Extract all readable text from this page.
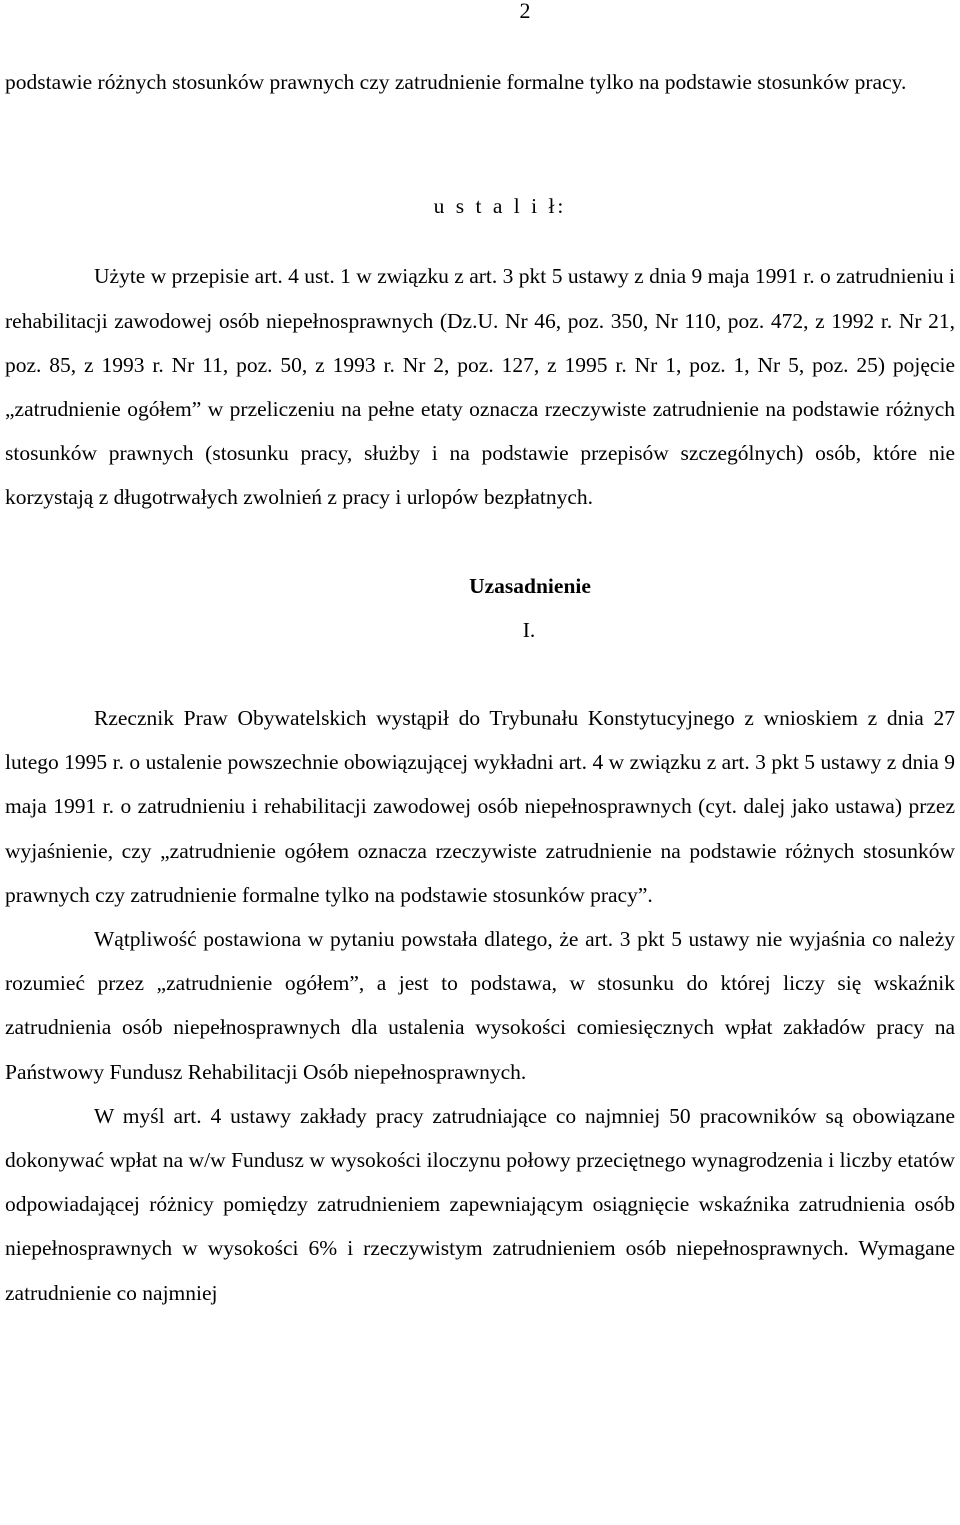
2

podstawie różnych stosunków prawnych czy zatrudnienie formalne tylko na podstawie stosunków pracy.

u s t a l i ł:

Użyte w przepisie art. 4 ust. 1 w związku z art. 3 pkt 5 ustawy z dnia 9 maja 1991 r. o zatrudnieniu i rehabilitacji zawodowej osób niepełnosprawnych (Dz.U. Nr 46, poz. 350, Nr 110, poz. 472, z 1992 r. Nr 21, poz. 85, z 1993 r. Nr 11, poz. 50, z 1993 r. Nr 2, poz. 127, z 1995 r. Nr 1, poz. 1, Nr 5, poz. 25) pojęcie „zatrudnienie ogółem” w przeliczeniu na pełne etaty oznacza rzeczywiste zatrudnienie na podstawie różnych stosunków prawnych (stosunku pracy, służby i na podstawie przepisów szczególnych) osób, które nie korzystają z długotrwałych zwolnień z pracy i urlopów bezpłatnych.

Uzasadnienie

I.

Rzecznik Praw Obywatelskich wystąpił do Trybunału Konstytucyjnego z wnioskiem z dnia 27 lutego 1995 r. o ustalenie powszechnie obowiązującej wykładni art. 4 w związku z art. 3 pkt 5 ustawy z dnia 9 maja 1991 r. o zatrudnieniu i rehabilitacji zawodowej osób niepełnosprawnych (cyt. dalej jako ustawa) przez wyjaśnienie, czy „zatrudnienie ogółem oznacza rzeczywiste zatrudnienie na podstawie różnych stosunków prawnych czy zatrudnienie formalne tylko na podstawie stosunków pracy”.

Wątpliwość postawiona w pytaniu powstała dlatego, że art. 3 pkt 5 ustawy nie wyjaśnia co należy rozumieć przez „zatrudnienie ogółem”, a jest to podstawa, w stosunku do której liczy się wskaźnik zatrudnienia osób niepełnosprawnych dla ustalenia wysokości comiesięcznych wpłat zakładów pracy na Państwowy Fundusz Rehabilitacji Osób niepełnosprawnych.

W myśl art. 4 ustawy zakłady pracy zatrudniające co najmniej 50 pracowników są obowiązane dokonywać wpłat na w/w Fundusz w wysokości iloczynu połowy przeciętnego wynagrodzenia i liczby etatów odpowiadającej różnicy pomiędzy zatrudnieniem zapewniającym osiągnięcie wskaźnika zatrudnienia osób niepełnosprawnych w wysokości 6% i rzeczywistym zatrudnieniem osób niepełnosprawnych. Wymagane zatrudnienie co najmniej
